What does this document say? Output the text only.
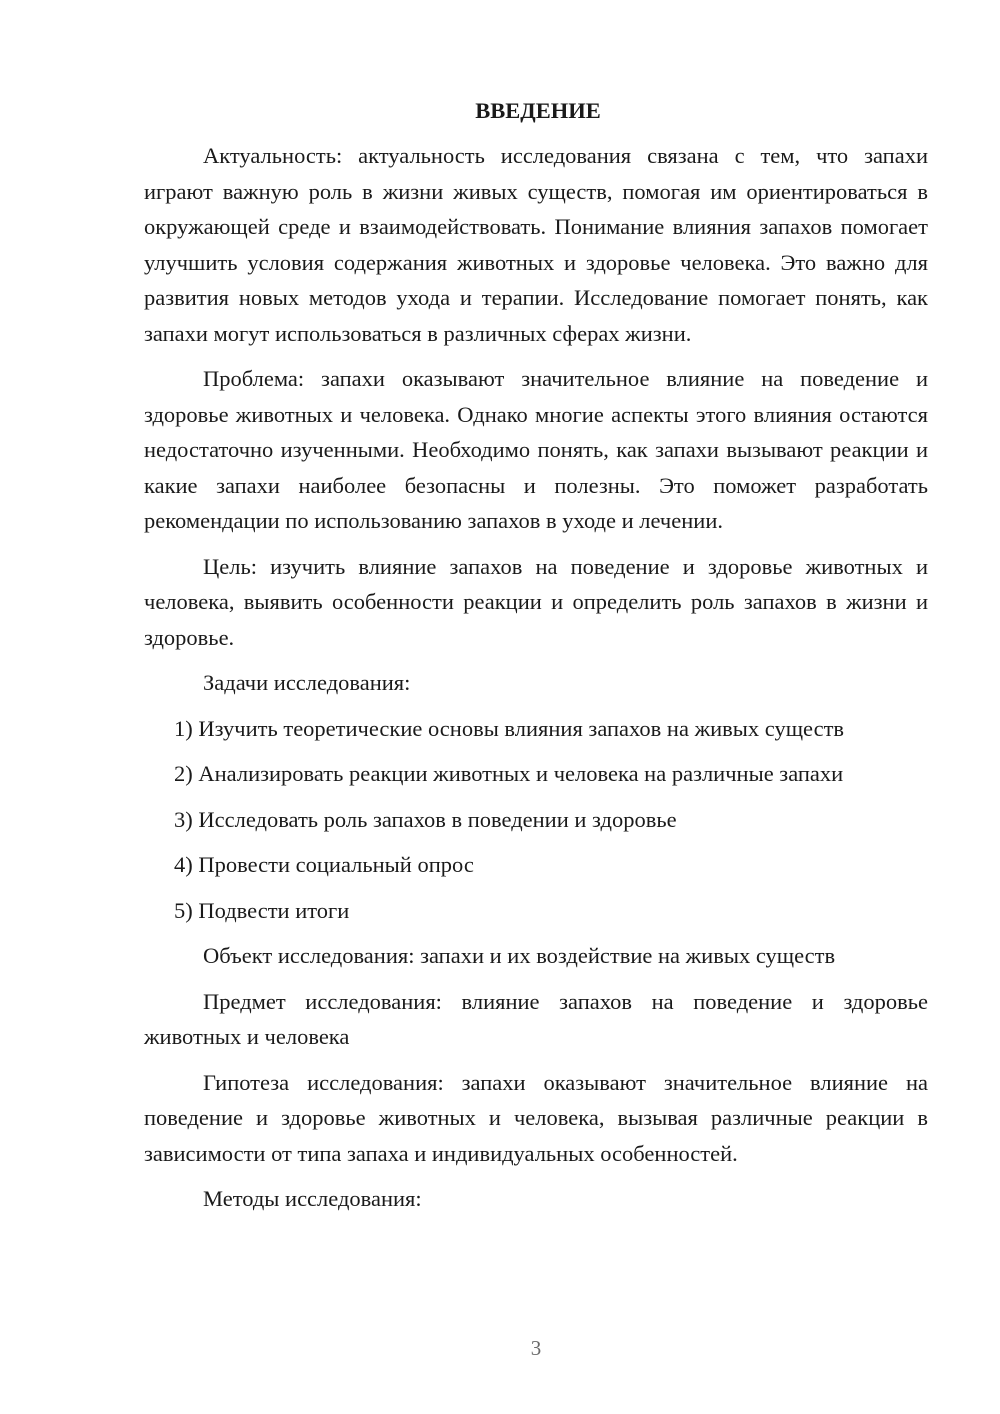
ВВЕДЕНИЕ

Актуальность: актуальность исследования связана с тем, что запахи играют важную роль в жизни живых существ, помогая им ориентироваться в окружающей среде и взаимодействовать. Понимание влияния запахов помогает улучшить условия содержания животных и здоровье человека. Это важно для развития новых методов ухода и терапии. Исследование помогает понять, как запахи могут использоваться в различных сферах жизни.

Проблема: запахи оказывают значительное влияние на поведение и здоровье животных и человека. Однако многие аспекты этого влияния остаются недостаточно изученными. Необходимо понять, как запахи вызывают реакции и какие запахи наиболее безопасны и полезны. Это поможет разработать рекомендации по использованию запахов в уходе и лечении.

Цель: изучить влияние запахов на поведение и здоровье животных и человека, выявить особенности реакции и определить роль запахов в жизни и здоровье.

Задачи исследования:

1)
Изучить теоретические основы влияния запахов на живых существ
2)
Анализировать реакции животных и человека на различные запахи
3)
Исследовать роль запахов в поведении и здоровье
4)
Провести социальный опрос
5)
Подвести итоги

Объект исследования: запахи и их воздействие на живых существ

Предмет исследования: влияние запахов на поведение и здоровье животных и человека

Гипотеза исследования: запахи оказывают значительное влияние на поведение и здоровье животных и человека, вызывая различные реакции в зависимости от типа запаха и индивидуальных особенностей.

Методы исследования:

3
